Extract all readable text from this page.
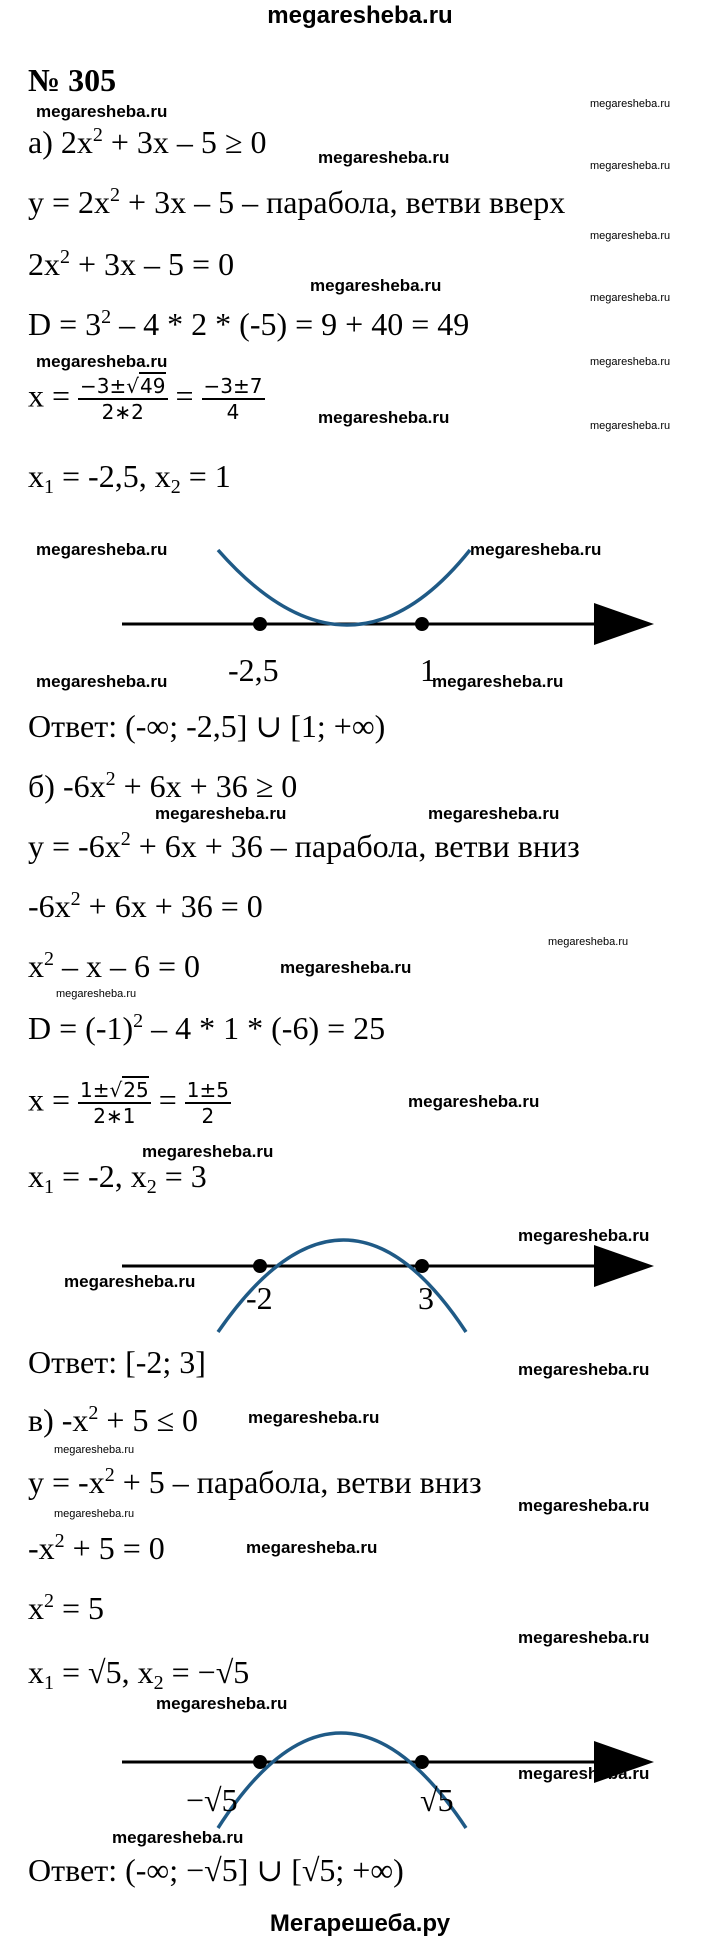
megaresheba.ru
№ 305
megaresheba.ru	megaresheba.ru
megaresheba.ru	megaresheba.ru
megaresheba.ru
megaresheba.ru
megaresheba.ru
megaresheba.ru	megaresheba.ru
megaresheba.ru	megaresheba.ru
megaresheba.ru	megaresheba.ru
megaresheba.ru	megaresheba.ru
megaresheba.ru	megaresheba.ru
megaresheba.ru
megaresheba.ru
megaresheba.ru
megaresheba.ru
megaresheba.ru
megaresheba.ru
megaresheba.ru
megaresheba.ru
megaresheba.ru
megaresheba.ru
megaresheba.ru
megaresheba.ru
megaresheba.ru
megaresheba.ru
megaresheba.ru
megaresheba.ru
megaresheba.ru
а) $2x^2 + 3x - 5 \ge 0$
$y = 2x^2 + 3x - 5$ – парабола, ветви вверх
$2x^2 + 3x - 5 = 0$
$D = 3^2 - 4 * 2 * (-5) = 9 + 40 = 49$
$x = \frac{-3\pm√49}{2∗2} = \frac{-3\pm 7}{4}$
$x_1 = -2,5$, $x_2 = 1$
-2,5	1
Ответ: (-∞; -2,5] ∪ [1; +∞)
б) $-6x^2 + 6x + 36 \ge 0$
$y = -6x^2 + 6x + 36$ – парабола, ветви вниз
$-6x^2 + 6x + 36 = 0$
$x^2 - x - 6 = 0$
$D = (-1)^2 - 4 * 1 * (-6) = 25$
$x = \frac{1\pm√25}{2∗1} = \frac{1\pm 5}{2}$
$x_1 = -2$, $x_2 = 3$
-2	3
Ответ: [-2; 3]
в) $-x^2 + 5 \le 0$
$y = -x^2 + 5$ – парабола, ветви вниз
$-x^2 + 5 = 0$
$x^2 = 5$
$x_1 = √5$, $x_2 = -√5$
−√5	√5
Ответ: (-∞; −√5] ∪ [√5; +∞)
Мегарешеба.ру
